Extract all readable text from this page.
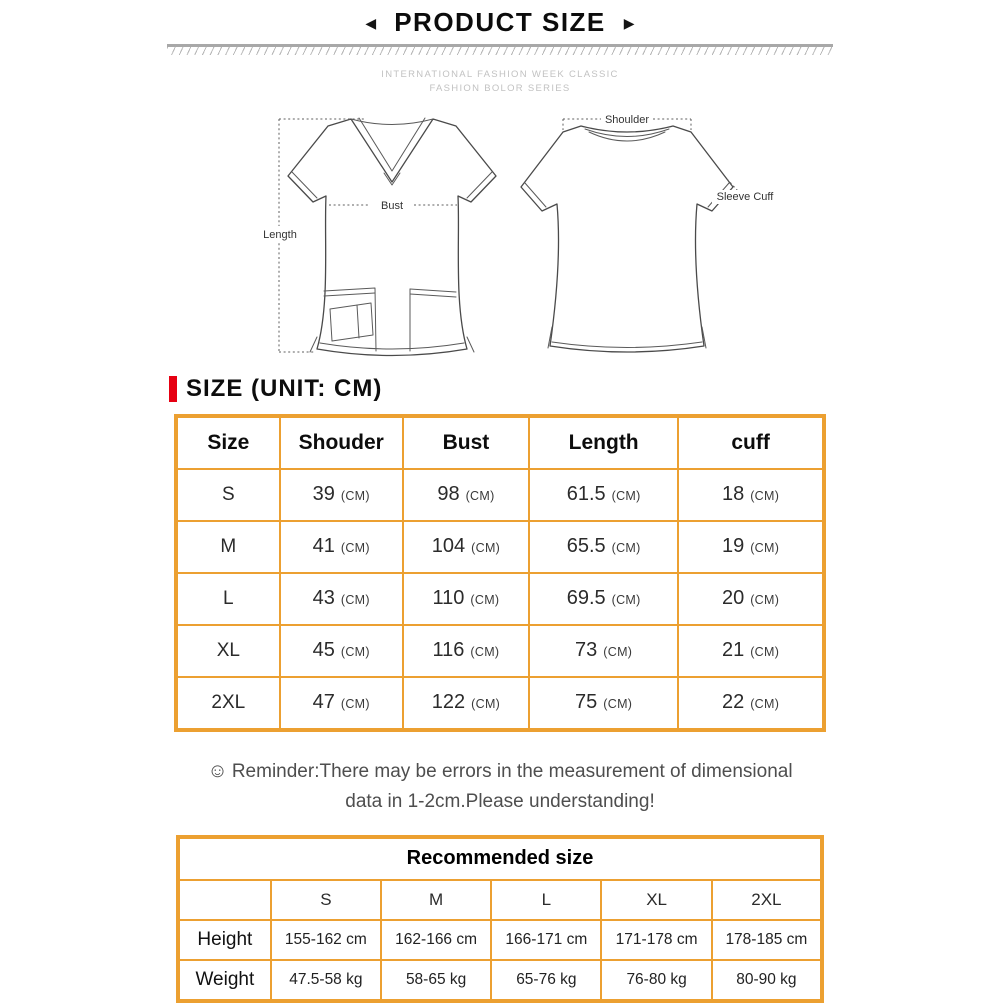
◀ PRODUCT SIZE ▶
INTERNATIONAL FASHION WEEK CLASSIC
FASHION BOLOR SERIES
Length
Bust
Shoulder
Sleeve Cuff
SIZE (UNIT: CM)
Size	Shouder	Bust	Length	cuff
S	39 (CM)	98 (CM)	61.5 (CM)	18 (CM)
M	41 (CM)	104 (CM)	65.5 (CM)	19 (CM)
L	43 (CM)	110 (CM)	69.5 (CM)	20 (CM)
XL	45 (CM)	116 (CM)	73 (CM)	21 (CM)
2XL	47 (CM)	122 (CM)	75 (CM)	22 (CM)
☺ Reminder:There may be errors in the measurement of dimensional
data in 1-2cm.Please understanding!
Recommended size					
	S	M	L	XL	2XL
Height	155-162 cm	162-166 cm	166-171 cm	171-178 cm	178-185 cm
Weight	47.5-58 kg	58-65 kg	65-76 kg	76-80 kg	80-90 kg
